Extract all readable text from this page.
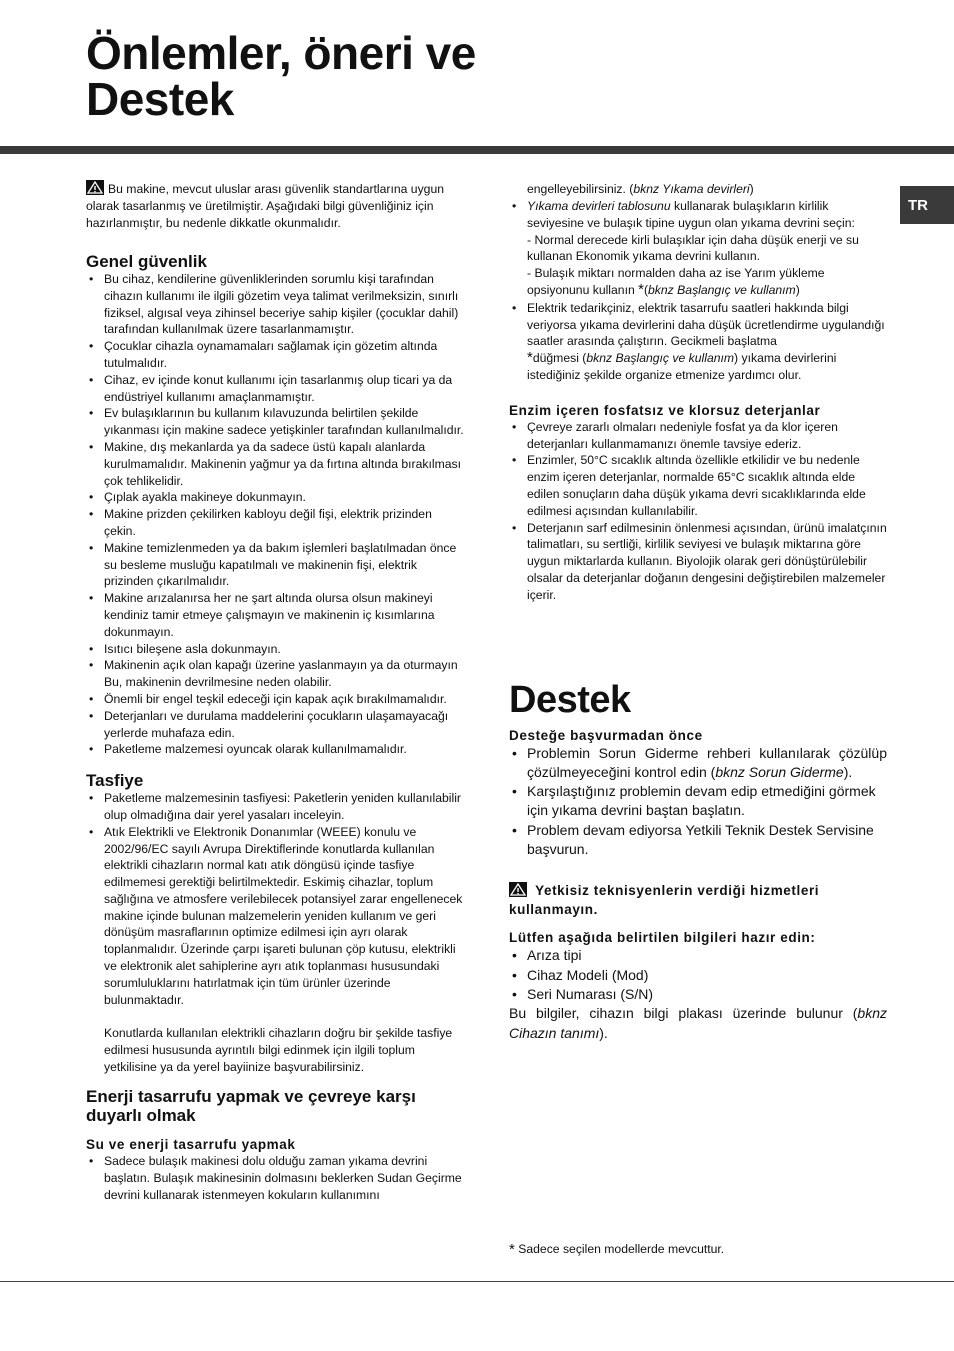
Önlemler, öneri ve
Destek
TR

Bu makine, mevcut uluslar arası güvenlik standartlarına uygun olarak tasarlanmış ve üretilmiştir. Aşağıdaki bilgi güvenliğiniz için hazırlanmıştır, bu nedenle dikkatle okunmalıdır.

Genel güvenlik
• Bu cihaz, kendilerine güvenliklerinden sorumlu kişi tarafından cihazın kullanımı ile ilgili gözetim veya talimat verilmeksizin, sınırlı fiziksel, algısal veya zihinsel beceriye sahip kişiler (çocuklar dahil) tarafından kullanılmak üzere tasarlanmamıştır.
• Çocuklar cihazla oynamamaları sağlamak için gözetim altında tutulmalıdır.
• Cihaz, ev içinde konut kullanımı için tasarlanmış olup ticari ya da endüstriyel kullanımı amaçlanmamıştır.
• Ev bulaşıklarının bu kullanım kılavuzunda belirtilen şekilde yıkanması için makine sadece yetişkinler tarafından kullanılmalıdır.
• Makine, dış mekanlarda ya da sadece üstü kapalı alanlarda kurulmamalıdır. Makinenin yağmur ya da fırtına altında bırakılması çok tehlikelidir.
• Çıplak ayakla makineye dokunmayın.
• Makine prizden çekilirken kabloyu değil fişi, elektrik prizinden çekin.
• Makine temizlenmeden ya da bakım işlemleri başlatılmadan önce su besleme musluğu kapatılmalı ve makinenin fişi, elektrik prizinden çıkarılmalıdır.
• Makine arızalanırsa her ne şart altında olursa olsun makineyi kendiniz tamir etmeye çalışmayın ve makinenin iç kısımlarına dokunmayın.
• Isıtıcı bileşene asla dokunmayın.
• Makinenin açık olan kapağı üzerine yaslanmayın ya da oturmayın Bu, makinenin devrilmesine neden olabilir.
• Önemli bir engel teşkil edeceği için kapak açık bırakılmamalıdır.
• Deterjanları ve durulama maddelerini çocukların ulaşamayacağı yerlerde muhafaza edin.
• Paketleme malzemesi oyuncak olarak kullanılmamalıdır.
Tasfiye
• Paketleme malzemesinin tasfiyesi: Paketlerin yeniden kullanılabilir olup olmadığına dair yerel yasaları inceleyin.
• Atık Elektrikli ve Elektronik Donanımlar (WEEE) konulu ve 2002/96/EC sayılı Avrupa Direktiflerinde konutlarda kullanılan elektrikli cihazların normal katı atık döngüsü içinde tasfiye edilmemesi gerektiği belirtilmektedir. Eskimiş cihazlar, toplum sağlığına ve atmosfere verilebilecek potansiyel zarar engellenecek makine içinde bulunan malzemelerin yeniden kullanım ve geri dönüşüm masraflarının optimize edilmesi için ayrı olarak toplanmalıdır. Üzerinde çarpı işareti bulunan çöp kutusu, elektrikli ve elektronik alet sahiplerine ayrı atık toplanması hususundaki sorumluluklarını hatırlatmak için tüm ürünler üzerinde bulunmaktadır.

Konutlarda kullanılan elektrikli cihazların doğru bir şekilde tasfiye edilmesi hususunda ayrıntılı bilgi edinmek için ilgili toplum yetkilisine ya da yerel bayiinize başvurabilirsiniz.

Enerji tasarrufu yapmak ve çevreye karşı duyarlı olmak
Su ve enerji tasarrufu yapmak
• Sadece bulaşık makinesi dolu olduğu zaman yıkama devrini başlatın. Bulaşık makinesinin dolmasını beklerken Sudan Geçirme devrini kullanarak istenmeyen kokuların kullanımını

engelleyebilirsiniz. (bknz Yıkama devirleri)

• Yıkama devirleri tablosunu kullanarak bulaşıkların kirlilik seviyesine ve bulaşık tipine uygun olan yıkama devrini seçin:
- Normal derecede kirli bulaşıklar için daha düşük enerji ve su kullanan Ekonomik yıkama devrini kullanın.
- Bulaşık miktarı normalden daha az ise Yarım yükleme opsiyonunu kullanın *(bknz Başlangıç ve kullanım)
• Elektrik tedarikçiniz, elektrik tasarrufu saatleri hakkında bilgi veriyorsa yıkama devirlerini daha düşük ücretlendirme uygulandığı saatler arasında çalıştırın. Gecikmeli başlatma
*düğmesi (bknz Başlangıç ve kullanım) yıkama devirlerini istediğiniz şekilde organize etmenize yardımcı olur.
Enzim içeren fosfatsız ve klorsuz deterjanlar
• Çevreye zararlı olmaları nedeniyle fosfat ya da klor içeren deterjanları kullanmamanızı önemle tavsiye ederiz.
• Enzimler, 50°C sıcaklık altında özellikle etkilidir ve bu nedenle enzim içeren deterjanlar, normalde 65°C sıcaklık altında elde edilen sonuçların daha düşük yıkama devri sıcaklıklarında elde edilmesi açısından kullanılabilir.
• Deterjanın sarf edilmesinin önlenmesi açısından, ürünü imalatçının talimatları, su sertliği, kirlilik seviyesi ve bulaşık miktarına göre uygun miktarlarda kullanın. Biyolojik olarak geri dönüştürülebilir olsalar da deterjanlar doğanın dengesini değiştirebilen malzemeler içerir.
Destek
Desteğe başvurmadan önce
• Problemin Sorun Giderme rehberi kullanılarak çözülüp çözülmeyeceğini kontrol edin (bknz Sorun Giderme).
• Karşılaştığınız problemin devam edip etmediğini görmek için yıkama devrini baştan başlatın.
• Problem devam ediyorsa Yetkili Teknik Destek Servisine başvurun.

Yetkisiz teknisyenlerin verdiği hizmetleri kullanmayın.

Lütfen aşağıda belirtilen bilgileri hazır edin:
• Arıza tipi
• Cihaz Modeli (Mod)
• Seri Numarası (S/N)

Bu bilgiler, cihazın bilgi plakası üzerinde bulunur (bknz Cihazın tanımı).

* Sadece seçilen modellerde mevcuttur.
